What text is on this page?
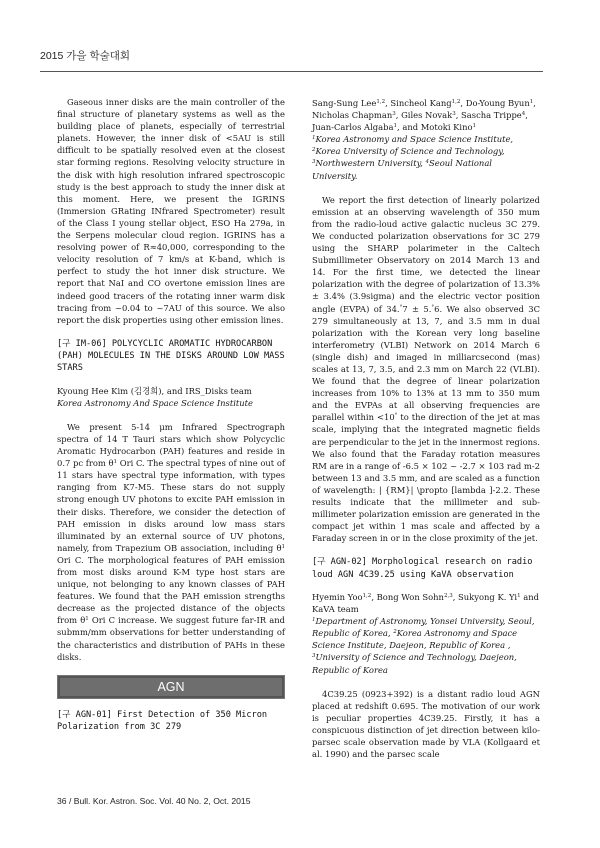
2015 가을 학술대회

Gaseous inner disks are the main controller of the final structure of planetary systems as well as the building place of planets, especially of terrestrial planets. However, the inner disk of <5AU is still difficult to be spatially resolved even at the closest star forming regions. Resolving velocity structure in the disk with high resolution infrared spectroscopic study is the best approach to study the inner disk at this moment. Here, we present the IGRINS (Immersion GRating INfrared Spectrometer) result of the Class I young stellar object, ESO Ha 279a, in the Serpens molecular cloud region. IGRINS has a resolving power of R≈40,000, corresponding to the velocity resolution of 7 km/s at K-band, which is perfect to study the hot inner disk structure. We report that NaI and CO overtone emission lines are indeed good tracers of the rotating inner warm disk tracing from ~0.04 to ~7AU of this source. We also report the disk properties using other emission lines.

[구 IM-06] POLYCYCLIC AROMATIC HYDROCARBON (PAH) MOLECULES IN THE DISKS AROUND LOW MASS STARS

Kyoung Hee Kim (김경희), and IRS_Disks team

Korea Astronomy And Space Science Institute

We present 5-14 μm Infrared Spectrograph spectra of 14 T Tauri stars which show Polycyclic Aromatic Hydrocarbon (PAH) features and reside in 0.7 pc from $\theta^1$ Ori C. The spectral types of nine out of 11 stars have spectral type information, with types ranging from K7-M5. These stars do not supply strong enough UV photons to excite PAH emission in their disks. Therefore, we consider the detection of PAH emission in disks around low mass stars illuminated by an external source of UV photons, namely, from Trapezium OB association, including $\theta^1$ Ori C. The morphological features of PAH emission from most disks around K-M type host stars are unique, not belonging to any known classes of PAH features. We found that the PAH emission strengths decrease as the projected distance of the objects from $\theta^1$ Ori C increase. We suggest future far-IR and submm/mm observations for better understanding of the characteristics and distribution of PAHs in these disks.

AGN

[구 AGN-01] First Detection of 350 Micron Polarization from 3C 279

Sang-Sung Lee$^{1,2}$, Sincheol Kang$^{1,2}$, Do-Young Byun$^1$, Nicholas Chapman$^3$, Giles Novak$^3$, Sascha Trippe$^4$, Juan-Carlos Algaba$^1$, and Motoki Kino$^1$

$^1$Korea Astronomy and Space Science Institute,
$^2$Korea University of Science and Technology,
$^3$Northwestern University, $^4$Seoul National University.

We report the first detection of linearly polarized emission at an observing wavelength of 350 mum from the radio-loud active galactic nucleus 3C 279. We conducted polarization observations for 3C 279 using the SHARP polarimeter in the Caltech Submillimeter Observatory on 2014 March 13 and 14. For the first time, we detected the linear polarization with the degree of polarization of 13.3% ± 3.4% (3.9sigma) and the electric vector position angle (EVPA) of 34.°7 ± 5.°6. We also observed 3C 279 simultaneously at 13, 7, and 3.5 mm in dual polarization with the Korean very long baseline interferometry (VLBI) Network on 2014 March 6 (single dish) and imaged in milliarcsecond (mas) scales at 13, 7, 3.5, and 2.3 mm on March 22 (VLBI). We found that the degree of linear polarization increases from 10% to 13% at 13 mm to 350 mum and the EVPAs at all observing frequencies are parallel within <10° to the direction of the jet at mas scale, implying that the integrated magnetic fields are perpendicular to the jet in the innermost regions. We also found that the Faraday rotation measures RM are in a range of -6.5 × 102 ~ -2.7 × 103 rad m-2 between 13 and 3.5 mm, and are scaled as a function of wavelength: | {RM}| \propto [lambda ]-2.2. These results indicate that the millimeter and sub-millimeter polarization emission are generated in the compact jet within 1 mas scale and affected by a Faraday screen in or in the close proximity of the jet.

[구 AGN-02] Morphological research on radio loud AGN 4C39.25 using KaVA observation

Hyemin Yoo$^{1,2}$, Bong Won Sohn$^{2,3}$, Sukyong K. Yi$^1$ and KaVA team

$^1$Department of Astronomy, Yonsei University, Seoul, Republic of Korea, $^2$Korea Astronomy and Space Science Institute, Daejeon, Republic of Korea , $^3$University of Science and Technology, Daejeon, Republic of Korea

4C39.25 (0923+392) is a distant radio loud AGN placed at redshift 0.695. The motivation of our work is peculiar properties 4C39.25. Firstly, it has a conspicuous distinction of jet direction between kilo-parsec scale observation made by VLA (Kollgaard et al. 1990) and the parsec scale

36 / Bull. Kor. Astron. Soc. Vol. 40 No. 2, Oct. 2015
